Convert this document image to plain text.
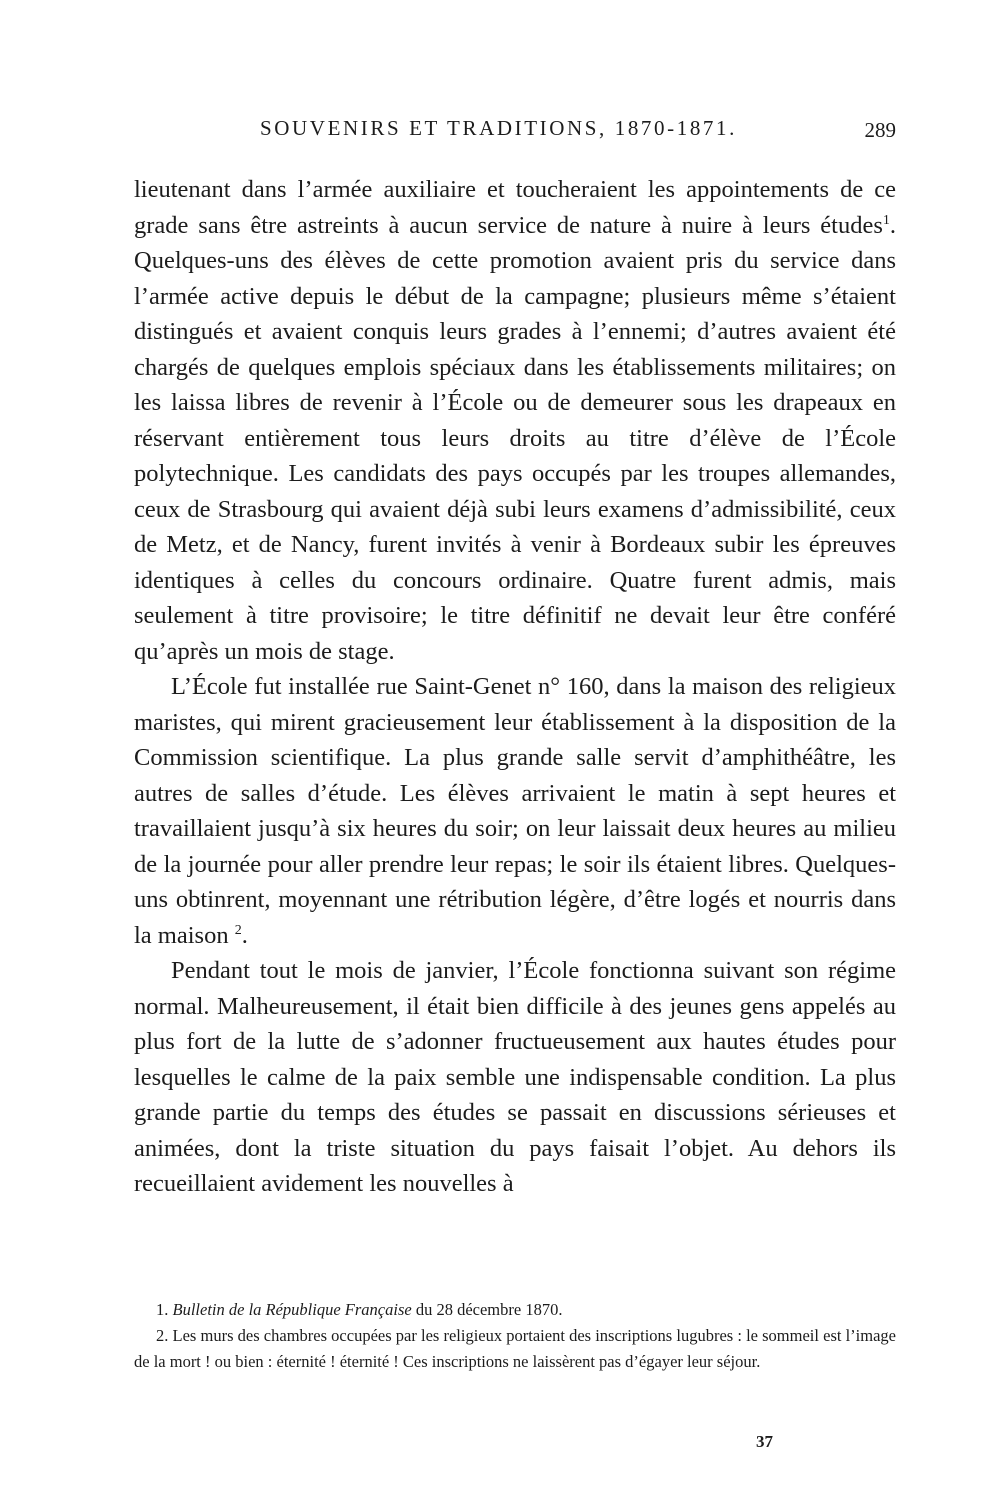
SOUVENIRS ET TRADITIONS, 1870-1871.	289

lieutenant dans l’armée auxiliaire et toucheraient les appointements de ce grade sans être astreints à aucun service de nature à nuire à leurs études$^1$. Quelques-uns des élèves de cette promotion avaient pris du service dans l’armée active depuis le début de la campagne; plusieurs même s’étaient distingués et avaient conquis leurs grades à l’ennemi; d’autres avaient été chargés de quelques emplois spéciaux dans les établissements militaires; on les laissa libres de revenir à l’École ou de demeurer sous les drapeaux en réservant entièrement tous leurs droits au titre d’élève de l’École polytechnique. Les candidats des pays occupés par les troupes allemandes, ceux de Strasbourg qui avaient déjà subi leurs examens d’admissibilité, ceux de Metz, et de Nancy, furent invités à venir à Bordeaux subir les épreuves identiques à celles du concours ordinaire. Quatre furent admis, mais seulement à titre provisoire; le titre définitif ne devait leur être conféré qu’après un mois de stage.

L’École fut installée rue Saint-Genet n° 160, dans la maison des religieux maristes, qui mirent gracieusement leur établissement à la disposition de la Commission scientifique. La plus grande salle servit d’amphithéâtre, les autres de salles d’étude. Les élèves arrivaient le matin à sept heures et travaillaient jusqu’à six heures du soir; on leur laissait deux heures au milieu de la journée pour aller prendre leur repas; le soir ils étaient libres. Quelques-uns obtinrent, moyennant une rétribution légère, d’être logés et nourris dans la maison $^2$.

Pendant tout le mois de janvier, l’École fonctionna suivant son régime normal. Malheureusement, il était bien difficile à des jeunes gens appelés au plus fort de la lutte de s’adonner fructueusement aux hautes études pour lesquelles le calme de la paix semble une indispensable condition. La plus grande partie du temps des études se passait en discussions sérieuses et animées, dont la triste situation du pays faisait l’objet. Au dehors ils recueillaient avidement les nouvelles à

1. Bulletin de la République Française du 28 décembre 1870.

2. Les murs des chambres occupées par les religieux portaient des inscriptions lugubres : le sommeil est l’image de la mort ! ou bien : éternité ! éternité ! Ces inscriptions ne laissèrent pas d’égayer leur séjour.

37
